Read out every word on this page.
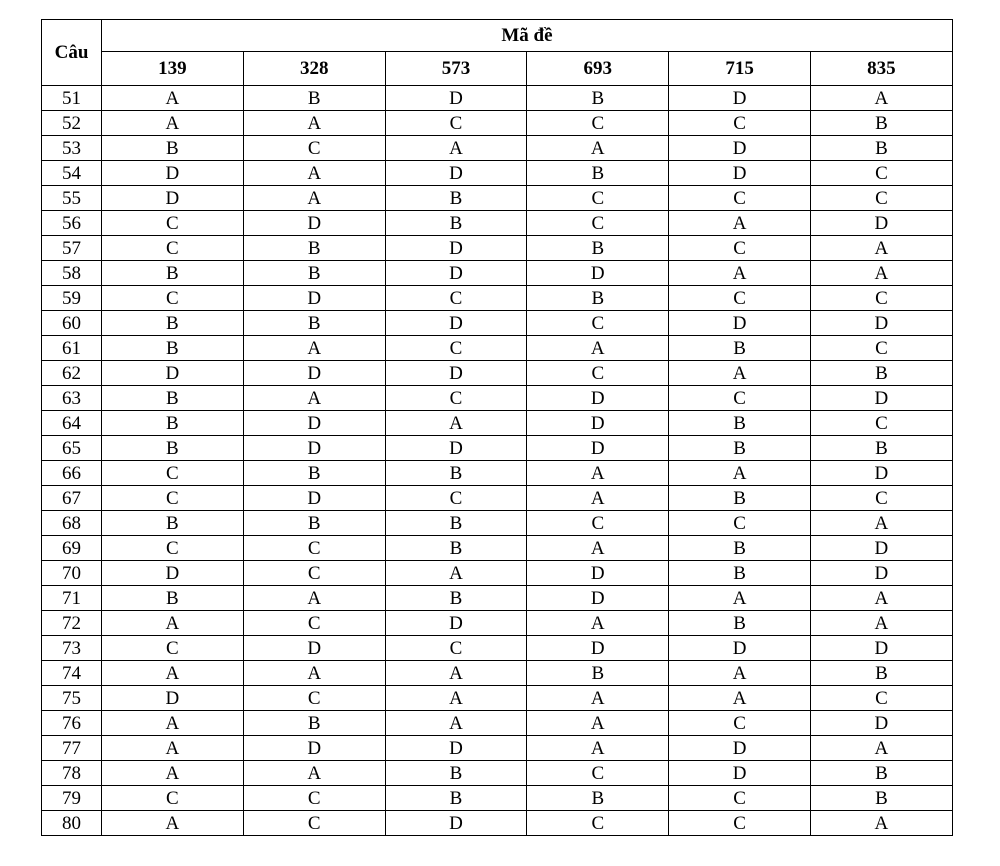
Câu	Mã đề					
	139	328	573	693	715	835
51	A	B	D	B	D	A
52	A	A	C	C	C	B
53	B	C	A	A	D	B
54	D	A	D	B	D	C
55	D	A	B	C	C	C
56	C	D	B	C	A	D
57	C	B	D	B	C	A
58	B	B	D	D	A	A
59	C	D	C	B	C	C
60	B	B	D	C	D	D
61	B	A	C	A	B	C
62	D	D	D	C	A	B
63	B	A	C	D	C	D
64	B	D	A	D	B	C
65	B	D	D	D	B	B
66	C	B	B	A	A	D
67	C	D	C	A	B	C
68	B	B	B	C	C	A
69	C	C	B	A	B	D
70	D	C	A	D	B	D
71	B	A	B	D	A	A
72	A	C	D	A	B	A
73	C	D	C	D	D	D
74	A	A	A	B	A	B
75	D	C	A	A	A	C
76	A	B	A	A	C	D
77	A	D	D	A	D	A
78	A	A	B	C	D	B
79	C	C	B	B	C	B
80	A	C	D	C	C	A
